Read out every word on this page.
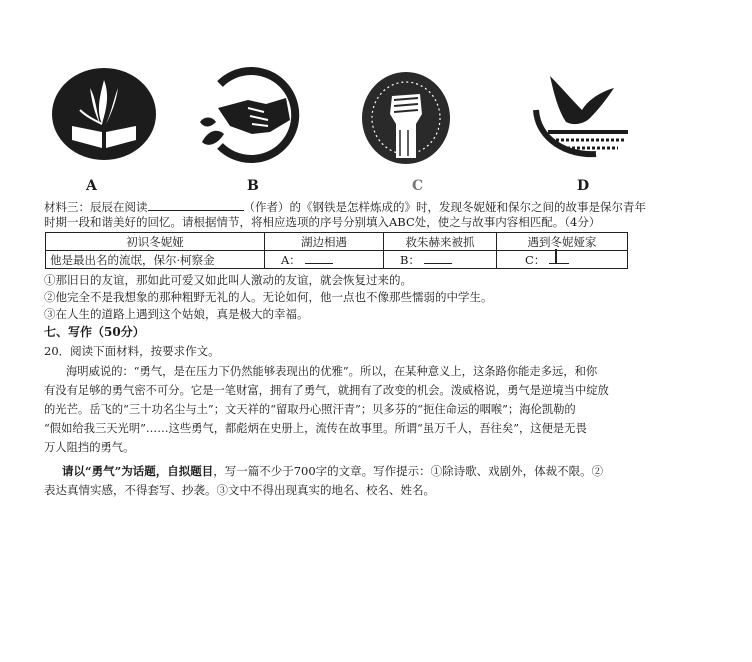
A	B	C	D
材料三：辰辰在阅读	（作者）的《钢铁是怎样炼成的》时，发现冬妮娅和保尔之间的故事是保尔青年
时期一段和谐美好的回忆。请根据情节，将相应选项的序号分别填入ABC处，使之与故事内容相匹配。（4分）
初识冬妮娅	湖边相遇	救朱赫来被抓	遇到冬妮娅家
他是最出名的流氓，保尔·柯察金	A：	B：	C：
①那旧日的友谊，那如此可爱又如此叫人激动的友谊，就会恢复过来的。
②他完全不是我想象的那种粗野无礼的人。无论如何，他一点也不像那些懦弱的中学生。
③在人生的道路上遇到这个姑娘，真是极大的幸福。
七、写作（50分）
20．阅读下面材料，按要求作文。
海明威说的：“勇气，是在压力下仍然能够表现出的优雅”。所以，在某种意义上，这条路你能走多远，和你
有没有足够的勇气密不可分。它是一笔财富，拥有了勇气，就拥有了改变的机会。泼威格说，勇气是逆境当中绽放
的光芒。岳飞的“三十功名尘与土”；文天祥的“留取丹心照汗青”；贝多芬的“扼住命运的咽喉”；海伦凯勒的
“假如给我三天光明”……这些勇气，都彪炳在史册上，流传在故事里。所谓“虽万千人，吾往矣”，这便是无畏
万人阻挡的勇气。
请以“勇气”为话题，自拟题目，写一篇不少于700字的文章。写作提示：①除诗歌、戏剧外，体裁不限。②
表达真情实感，不得套写、抄袭。③文中不得出现真实的地名、校名、姓名。
